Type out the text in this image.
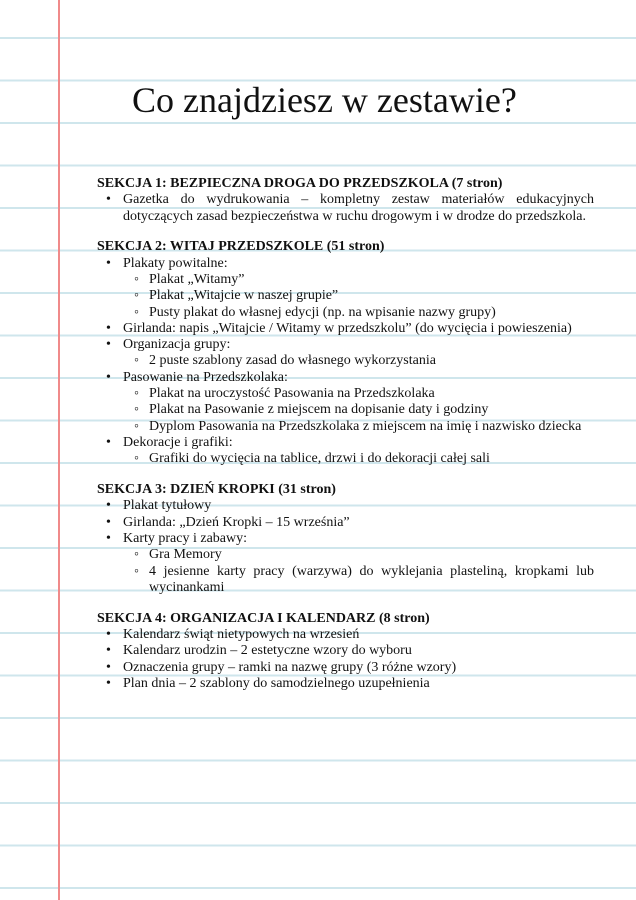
Co znajdziesz w zestawie?
SEKCJA 1: BEZPIECZNA DROGA DO PRZEDSZKOLA (7 stron)
• Gazetka do wydrukowania – kompletny zestaw materiałów edukacyjnych dotyczących zasad bezpieczeństwa w ruchu drogowym i w drodze do przedszkola.
SEKCJA 2: WITAJ PRZEDSZKOLE (51 stron)
• Plakaty powitalne:
◦ Plakat „Witamy”
◦ Plakat „Witajcie w naszej grupie”
◦ Pusty plakat do własnej edycji (np. na wpisanie nazwy grupy)
• Girlanda: napis „Witajcie / Witamy w przedszkolu” (do wycięcia i powieszenia)
• Organizacja grupy:
◦ 2 puste szablony zasad do własnego wykorzystania
• Pasowanie na Przedszkolaka:
◦ Plakat na uroczystość Pasowania na Przedszkolaka
◦ Plakat na Pasowanie z miejscem na dopisanie daty i godziny
◦ Dyplom Pasowania na Przedszkolaka z miejscem na imię i nazwisko dziecka
• Dekoracje i grafiki:
◦ Grafiki do wycięcia na tablice, drzwi i do dekoracji całej sali
SEKCJA 3: DZIEŃ KROPKI (31 stron)
• Plakat tytułowy
• Girlanda: „Dzień Kropki – 15 września”
• Karty pracy i zabawy:
◦ Gra Memory
◦ 4 jesienne karty pracy (warzywa) do wyklejania plasteliną, kropkami lub wycinankami
SEKCJA 4: ORGANIZACJA I KALENDARZ (8 stron)
• Kalendarz świąt nietypowych na wrzesień
• Kalendarz urodzin – 2 estetyczne wzory do wyboru
• Oznaczenia grupy – ramki na nazwę grupy (3 różne wzory)
• Plan dnia – 2 szablony do samodzielnego uzupełnienia
